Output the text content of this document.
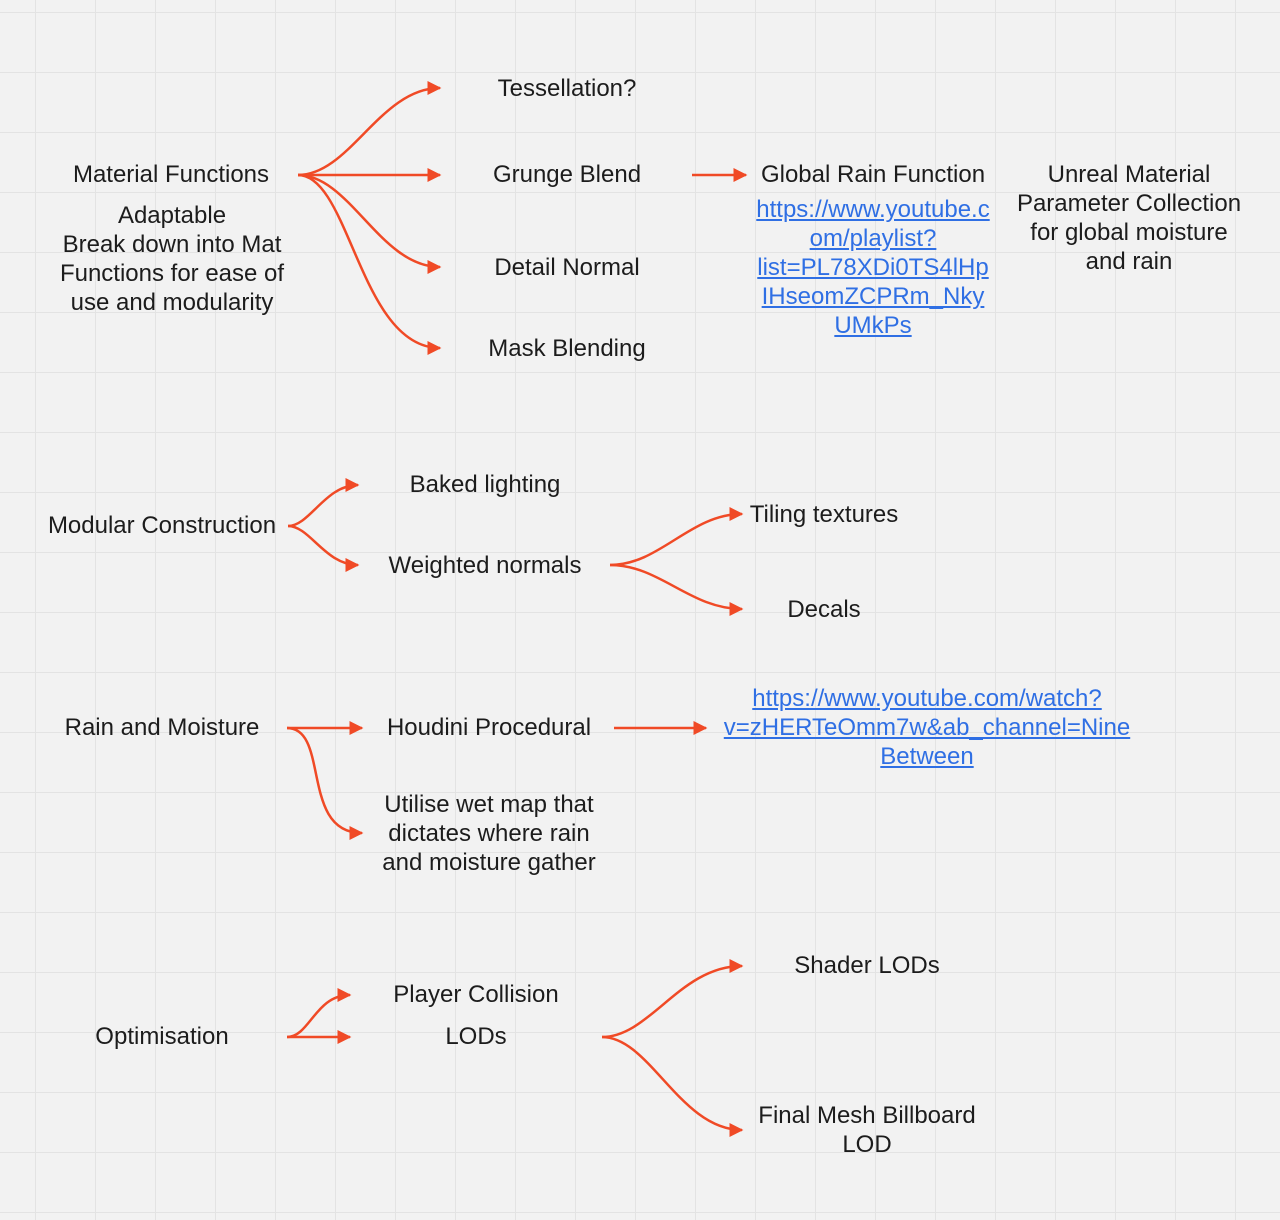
Material Functions
Adaptable
Break down into Mat
Functions for ease of
use and modularity
Tessellation?
Grunge Blend
Detail Normal
Mask Blending
Global Rain Function
https://www.youtube.c
om/playlist?
list=PL78XDi0TS4lHp
IHseomZCPRm_Nky
UMkPs
Unreal Material
Parameter Collection
for global moisture
and rain
Modular Construction
Baked lighting
Weighted normals
Tiling textures
Decals
Rain and Moisture	Houdini Procedural
https://www.youtube.com/watch?
v=zHERTeOmm7w&ab_channel=Nine
Between
Utilise wet map that
dictates where rain
and moisture gather
Optimisation
Player Collision
LODs
Shader LODs
Final Mesh Billboard
LOD
